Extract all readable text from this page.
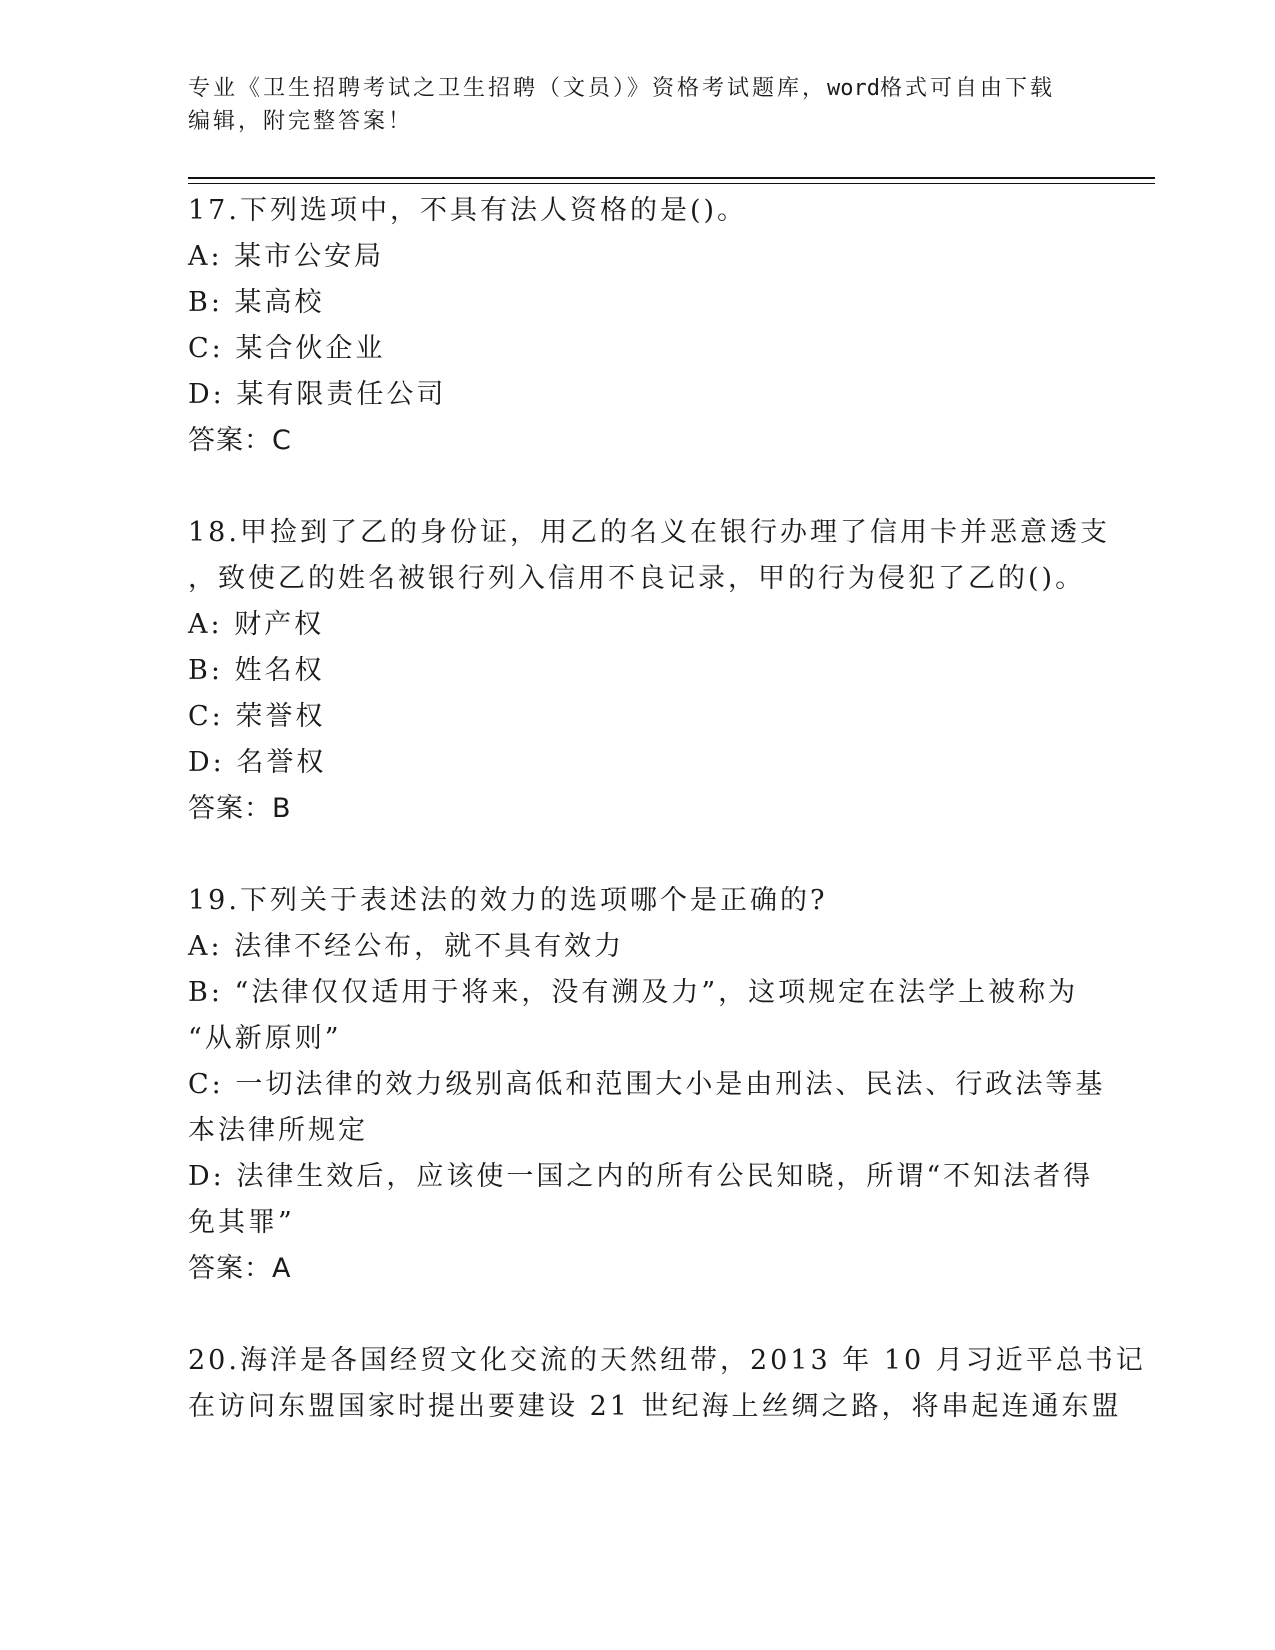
专业《卫生招聘考试之卫生招聘（文员）》资格考试题库，word格式可自由下载编辑，附完整答案！
17.下列选项中，不具有法人资格的是()。
A: 某市公安局
B: 某高校
C: 某合伙企业
D: 某有限责任公司
答案：C
18.甲捡到了乙的身份证，用乙的名义在银行办理了信用卡并恶意透支
，致使乙的姓名被银行列入信用不良记录，甲的行为侵犯了乙的()。
A: 财产权
B: 姓名权
C: 荣誉权
D: 名誉权
答案：B
19.下列关于表述法的效力的选项哪个是正确的?
A: 法律不经公布，就不具有效力
B: “法律仅仅适用于将来，没有溯及力”，这项规定在法学上被称为
“从新原则”
C: 一切法律的效力级别高低和范围大小是由刑法、民法、行政法等基
本法律所规定
D: 法律生效后，应该使一国之内的所有公民知晓，所谓“不知法者得
免其罪”
答案：A
20.海洋是各国经贸文化交流的天然纽带，2013 年 10 月习近平总书记
在访问东盟国家时提出要建设 21 世纪海上丝绸之路，将串起连通东盟
